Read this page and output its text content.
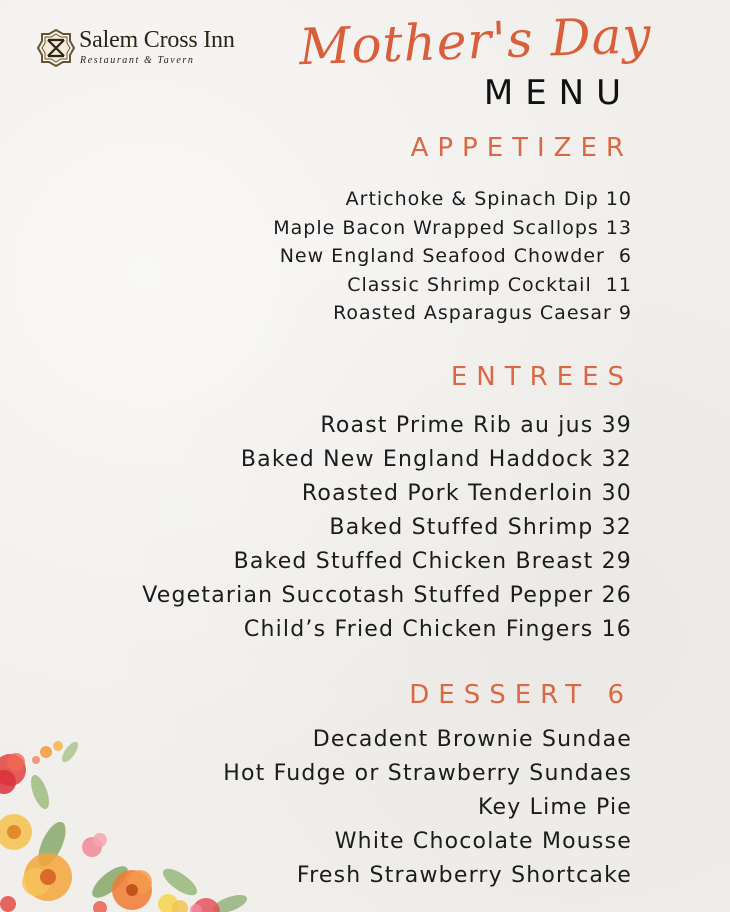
Salem Cross Inn
Restaurant & Tavern Mother's Day
MENU
APPETIZER
Artichoke & Spinach Dip 10
Maple Bacon Wrapped Scallops 13
New England Seafood Chowder  6
Classic Shrimp Cocktail  11
Roasted Asparagus Caesar 9
ENTREES
Roast Prime Rib au jus 39
Baked New England Haddock 32
Roasted Pork Tenderloin 30
Baked Stuffed Shrimp 32
Baked Stuffed Chicken Breast 29
Vegetarian Succotash Stuffed Pepper 26
Child’s Fried Chicken Fingers 16
DESSERT 6
Decadent Brownie Sundae
Hot Fudge or Strawberry Sundaes
Key Lime Pie
White Chocolate Mousse
Fresh Strawberry Shortcake
